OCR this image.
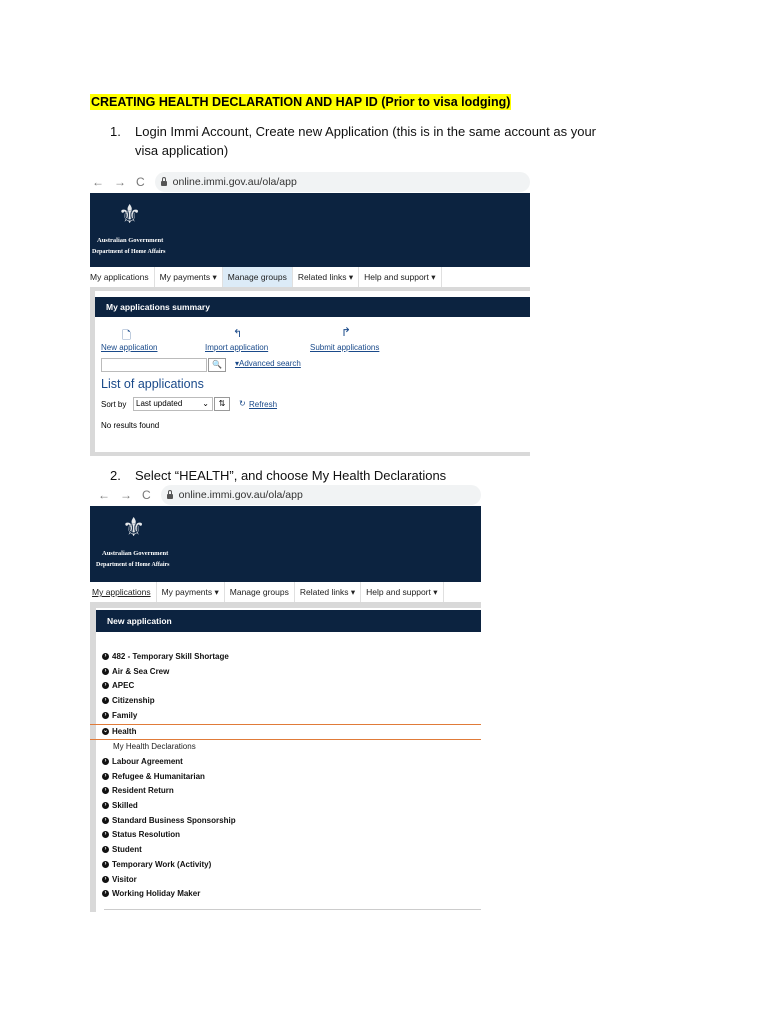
CREATING HEALTH DECLARATION AND HAP ID (Prior to visa lodging)
1. Login Immi Account, Create new Application (this is in the same account as your visa application)
← → C	online.immi.gov.au/ola/app
⚜
Australian Government
Department of Home Affairs
My applications	My payments ▾	Manage groups	Related links ▾	Help and support ▾
My applications summary
🗋
New application
↰
Import application
↱
Submit applications
🔍	▾Advanced search
List of applications
Sort by	Last updated	⌄	⇅	↻ Refresh
No results found
2. Select “HEALTH”, and choose My Health Declarations
← → C	online.immi.gov.au/ola/app
⚜
Australian Government
Department of Home Affairs
My applications	My payments ▾	Manage groups	Related links ▾	Help and support ▾
New application
› 482 - Temporary Skill Shortage
› Air & Sea Crew
› APEC
› Citizenship
› Family
⌄ Health
My Health Declarations
› Labour Agreement
› Refugee & Humanitarian
› Resident Return
› Skilled
› Standard Business Sponsorship
› Status Resolution
› Student
› Temporary Work (Activity)
› Visitor
› Working Holiday Maker
